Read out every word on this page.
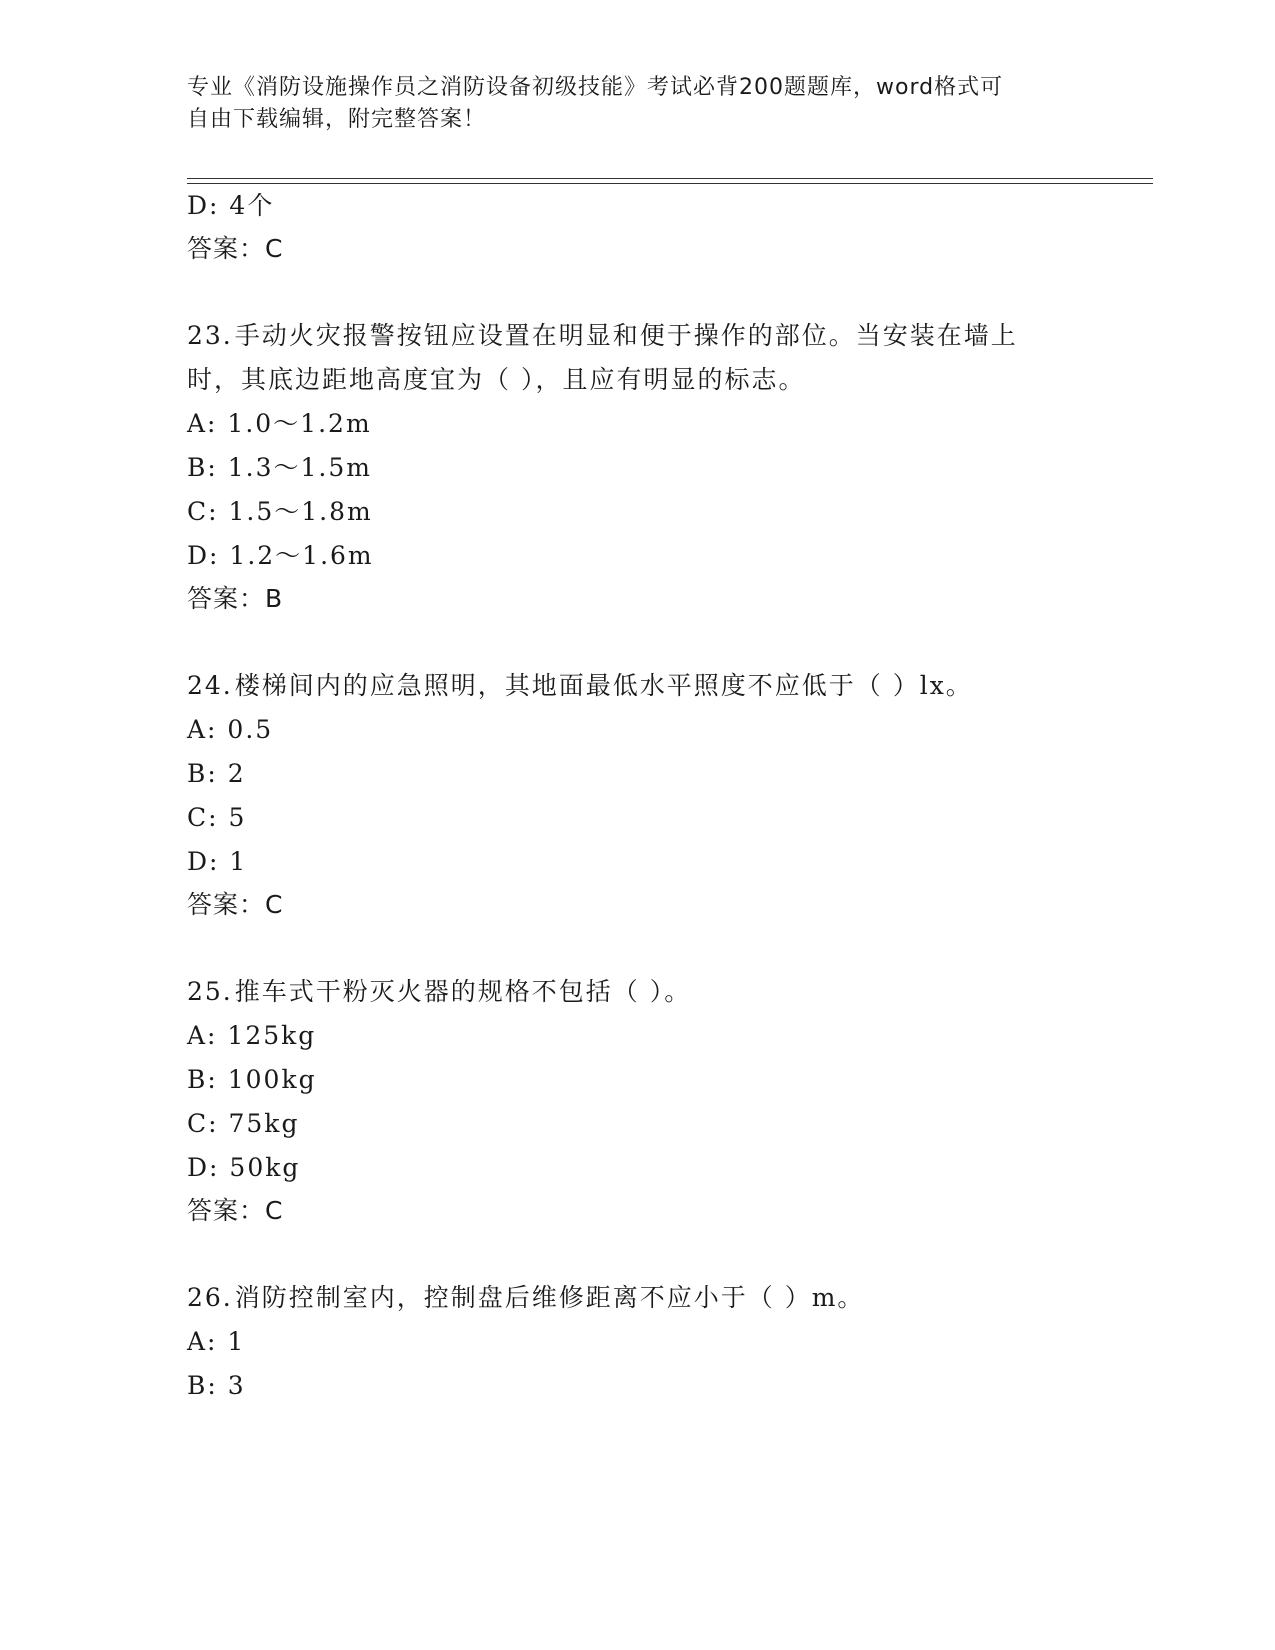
专业《消防设施操作员之消防设备初级技能》考试必背200题题库，word格式可
自由下载编辑，附完整答案！
D: 4个
答案：C
23.手动火灾报警按钮应设置在明显和便于操作的部位。当安装在墙上
时，其底边距地高度宜为（ ），且应有明显的标志。
A: 1.0～1.2m
B: 1.3～1.5m
C: 1.5～1.8m
D: 1.2～1.6m
答案：B
24.楼梯间内的应急照明，其地面最低水平照度不应低于（ ）lx。
A: 0.5
B: 2
C: 5
D: 1
答案：C
25.推车式干粉灭火器的规格不包括（ ）。
A: 125kg
B: 100kg
C: 75kg
D: 50kg
答案：C
26.消防控制室内，控制盘后维修距离不应小于（ ）m。
A: 1
B: 3
